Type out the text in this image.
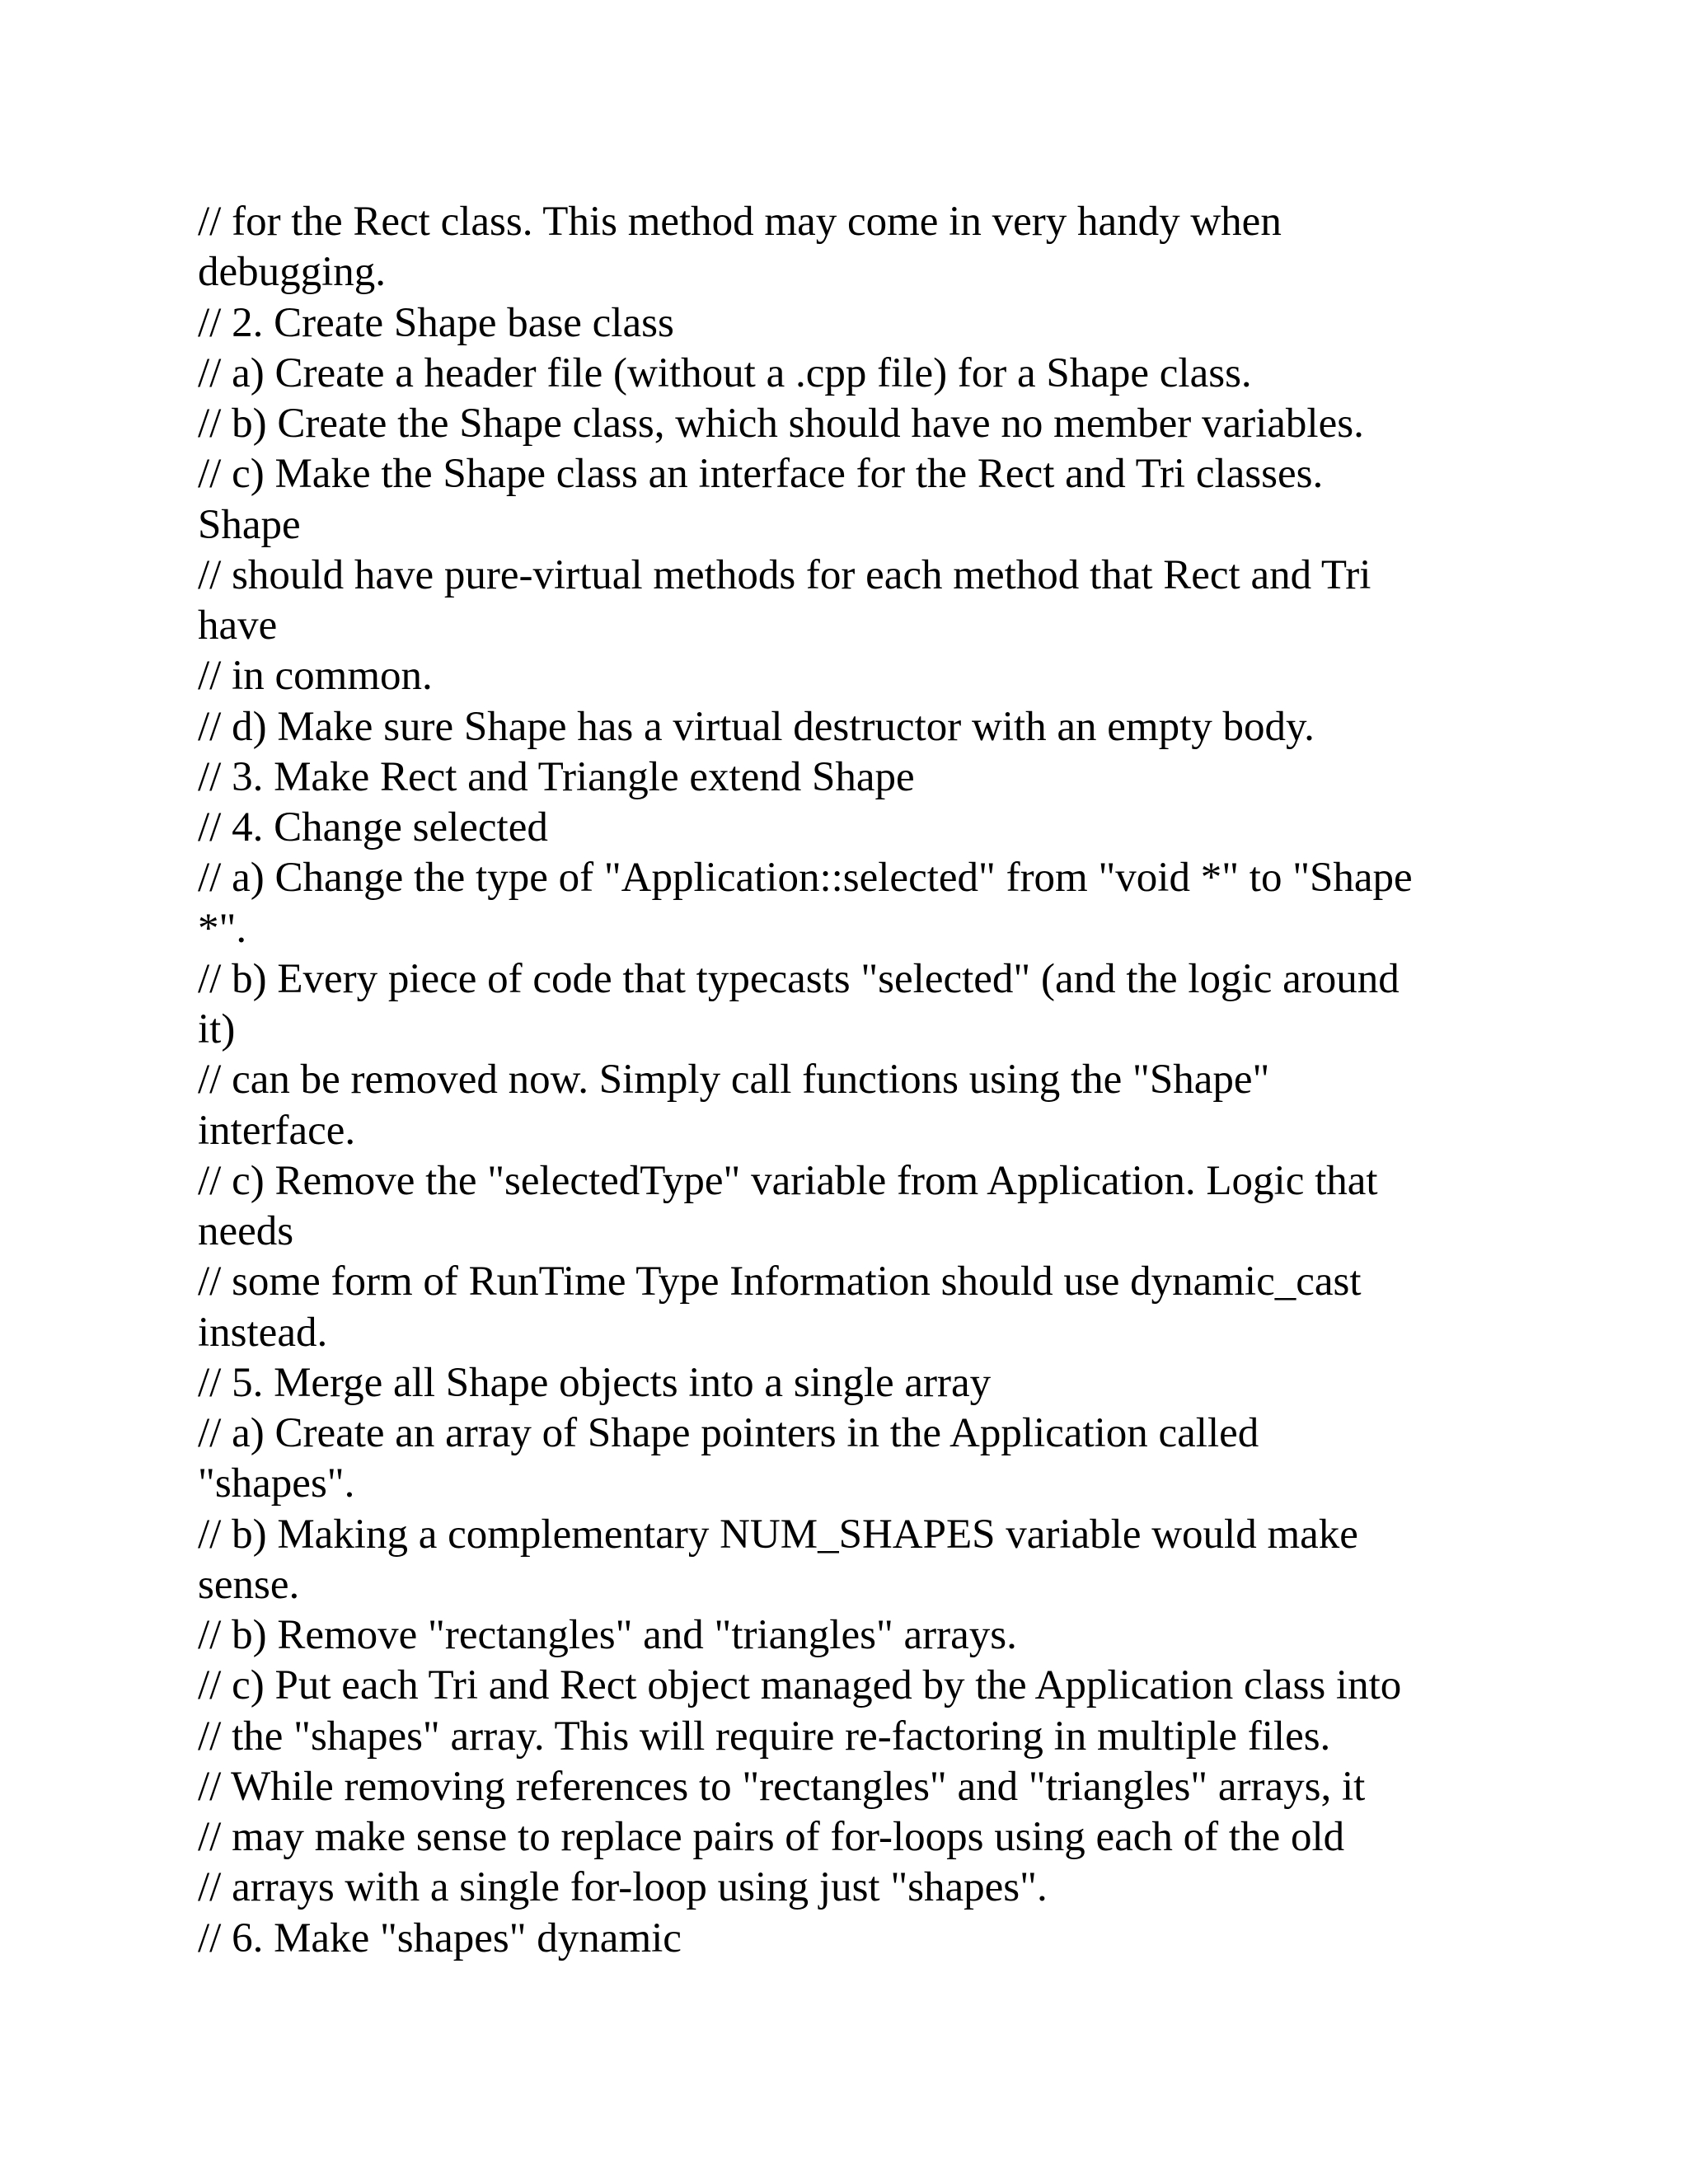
// for the Rect class. This method may come in very handy when
debugging.
// 2. Create Shape base class
// a) Create a header file (without a .cpp file) for a Shape class.
// b) Create the Shape class, which should have no member variables.
// c) Make the Shape class an interface for the Rect and Tri classes.
Shape
// should have pure-virtual methods for each method that Rect and Tri
have
// in common.
// d) Make sure Shape has a virtual destructor with an empty body.
// 3. Make Rect and Triangle extend Shape
// 4. Change selected
// a) Change the type of "Application::selected" from "void *" to "Shape
*".
// b) Every piece of code that typecasts "selected" (and the logic around
it)
// can be removed now. Simply call functions using the "Shape"
interface.
// c) Remove the "selectedType" variable from Application. Logic that
needs
// some form of RunTime Type Information should use dynamic_cast
instead.
// 5. Merge all Shape objects into a single array
// a) Create an array of Shape pointers in the Application called
"shapes".
// b) Making a complementary NUM_SHAPES variable would make
sense.
// b) Remove "rectangles" and "triangles" arrays.
// c) Put each Tri and Rect object managed by the Application class into
// the "shapes" array. This will require re-factoring in multiple files.
// While removing references to "rectangles" and "triangles" arrays, it
// may make sense to replace pairs of for-loops using each of the old
// arrays with a single for-loop using just "shapes".
// 6. Make "shapes" dynamic
